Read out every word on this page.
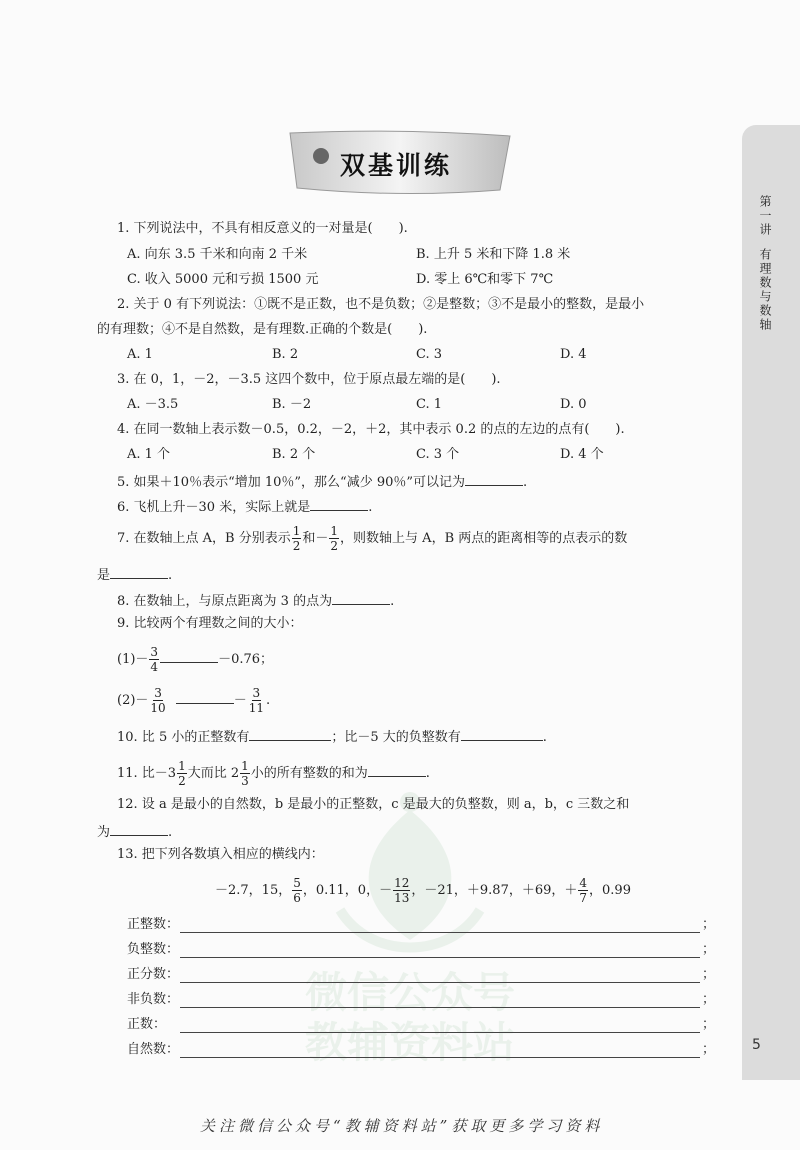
微信公众号
教辅资料站
第一讲
有理数与数轴
5
双基训练
1. 下列说法中，不具有相反意义的一对量是(　　).
A. 向东 3.5 千米和向南 2 千米	B. 上升 5 米和下降 1.8 米
C. 收入 5000 元和亏损 1500 元	D. 零上 6℃和零下 7℃
2. 关于 0 有下列说法：①既不是正数，也不是负数；②是整数；③不是最小的整数，是最小
的有理数；④不是自然数，是有理数.正确的个数是(　　).
A. 1	B. 2	C. 3	D. 4
3. 在 0，1，－2，－3.5 这四个数中，位于原点最左端的是(　　).
A. －3.5	B. －2	C. 1	D. 0
4. 在同一数轴上表示数－0.5，0.2，－2，＋2，其中表示 0.2 的点的左边的点有(　　).
A. 1 个	B. 2 个	C. 3 个	D. 4 个
5. 如果＋10％表示“增加 10％”，那么“减少 90％”可以记为	.
6. 飞机上升－30 米，实际上就是	.
7. 在数轴上点 A，B 分别表示 $\frac{1}{2}$ 和－ $\frac{1}{2}$ ，则数轴上与 A，B 两点的距离相等的点表示的数
是	.
8. 在数轴上，与原点距离为 3 的点为	.
9. 比较两个有理数之间的大小：
$(1)- \frac{3}{4}$	－0.76；
$(2)- \frac{3}{10}$	－ $\frac{3}{11}$ .
10. 比 5 小的正整数有	；比－5 大的负整数有	.
11. 比$-3 \frac{1}{2}$ 大而比 $2 \frac{1}{3}$ 小的所有整数的和为	.
12. 设 a 是最小的自然数，b 是最小的正整数，c 是最大的负整数，则 a，b，c 三数之和
为	.
13. 把下列各数填入相应的横线内：
－2.7，15， $\frac{5}{6}$ ，0.11，0，－ $\frac{12}{13}$ ，－21，＋9.87，＋69，＋ $\frac{4}{7}$ ，0.99
正整数：	；
负整数：	；
正分数：	；
非负数：	；
正数：	；
自然数：	；
关注微信公众号“教辅资料站”获取更多学习资料
